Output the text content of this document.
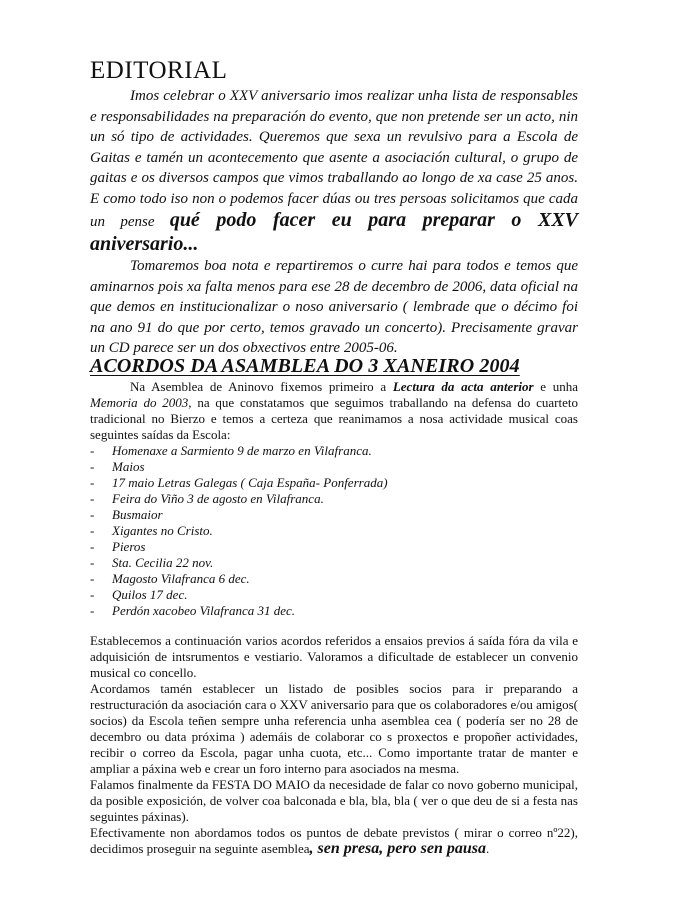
EDITORIAL

Imos celebrar o XXV aniversario imos realizar unha lista de responsables e responsabilidades na preparación do evento, que non pretende ser un acto, nin un só tipo de actividades. Queremos que sexa un revulsivo para a Escola de Gaitas e tamén un acontecemento que asente a asociación cultural, o grupo de gaitas e os diversos campos que vimos traballando ao longo de xa case 25 anos. E como todo iso non o podemos facer dúas ou tres persoas solicitamos que cada un pense qué podo facer eu para preparar o XXV aniversario...

Tomaremos boa nota e repartiremos o curre hai para todos e temos que aminarnos pois xa falta menos para ese 28 de decembro de 2006, data oficial na que demos en institucionalizar o noso aniversario ( lembrade que o décimo foi na ano 91 do que por certo, temos gravado un concerto). Precisamente gravar un CD parece ser un dos obxectivos entre 2005-06.

ACORDOS DA ASAMBLEA DO 3 XANEIRO 2004

Na Asemblea de Aninovo fixemos primeiro a Lectura da acta anterior e unha Memoria do 2003, na que constatamos que seguimos traballando na defensa do cuarteto tradicional no Bierzo e temos a certeza que reanimamos a nosa actividade musical coas seguintes saídas da Escola:

- Homenaxe a Sarmiento 9 de marzo en Vilafranca.
- Maios
- 17 maio Letras Galegas ( Caja España- Ponferrada)
- Feira do Viño 3 de agosto en Vilafranca.
- Busmaior
- Xigantes no Cristo.
- Pieros
- Sta. Cecilia 22 nov.
- Magosto Vilafranca 6 dec.
- Quilos 17 dec.
- Perdón xacobeo Vilafranca 31 dec.

Establecemos a continuación varios acordos referidos a ensaios previos á saída fóra da vila e adquisición de intsrumentos e vestiario. Valoramos a dificultade de establecer un convenio musical co concello.

Acordamos tamén establecer un listado de posibles socios para ir preparando a restructuración da asociación cara o XXV aniversario para que os colaboradores e/ou amigos( socios) da Escola teñen sempre unha referencia unha asemblea cea ( podería ser no 28 de decembro ou data próxima ) ademáis de colaborar co s proxectos e propoñer actividades, recibir o correo da Escola, pagar unha cuota, etc... Como importante tratar de manter e ampliar a páxina web e crear un foro interno para asociados na mesma.

Falamos finalmente da FESTA DO MAIO da necesidade de falar co novo goberno municipal, da posible exposición, de volver coa balconada e bla, bla, bla ( ver o que deu de si a festa nas seguintes páxinas).

Efectivamente non abordamos todos os puntos de debate previstos ( mirar o correo nº22), decidimos proseguir na seguinte asemblea, sen presa, pero sen pausa.
